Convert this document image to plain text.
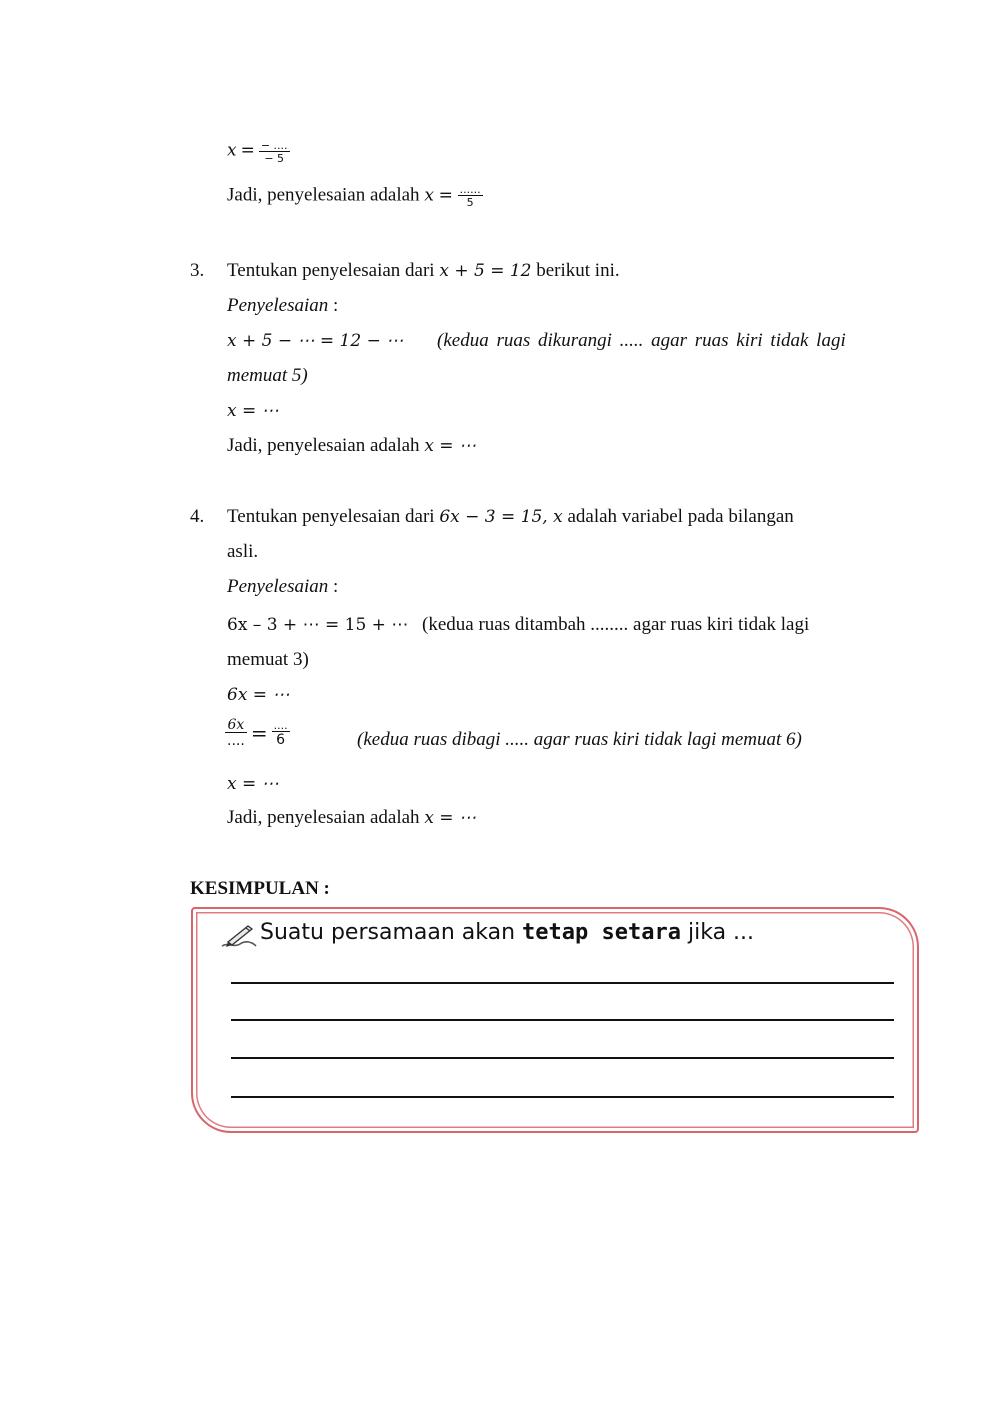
$x = \frac{- ....}{- 5}$
Jadi, penyelesaian adalah $x = \frac{......}{5}$
3. Tentukan penyelesaian dari x + 5 = 12 berikut ini.
Penyelesaian :
x + 5 − ⋯ = 12 − ⋯ (kedua ruas dikurangi ..... agar ruas kiri tidak lagi
memuat 5)
x = ⋯
Jadi, penyelesaian adalah x = ⋯
4. Tentukan penyelesaian dari 6x − 3 = 15, x adalah variabel pada bilangan
asli.
Penyelesaian :
6x – 3 + ⋯ = 15 + ⋯ (kedua ruas ditambah ........ agar ruas kiri tidak lagi
memuat 3)
6x = ⋯
$\frac{6x}{....} = \frac{....}{6}$	(kedua ruas dibagi ..... agar ruas kiri tidak lagi memuat 6)
x = ⋯
Jadi, penyelesaian adalah x = ⋯
KESIMPULAN :
Suatu persamaan akan tetap setara jika ...
